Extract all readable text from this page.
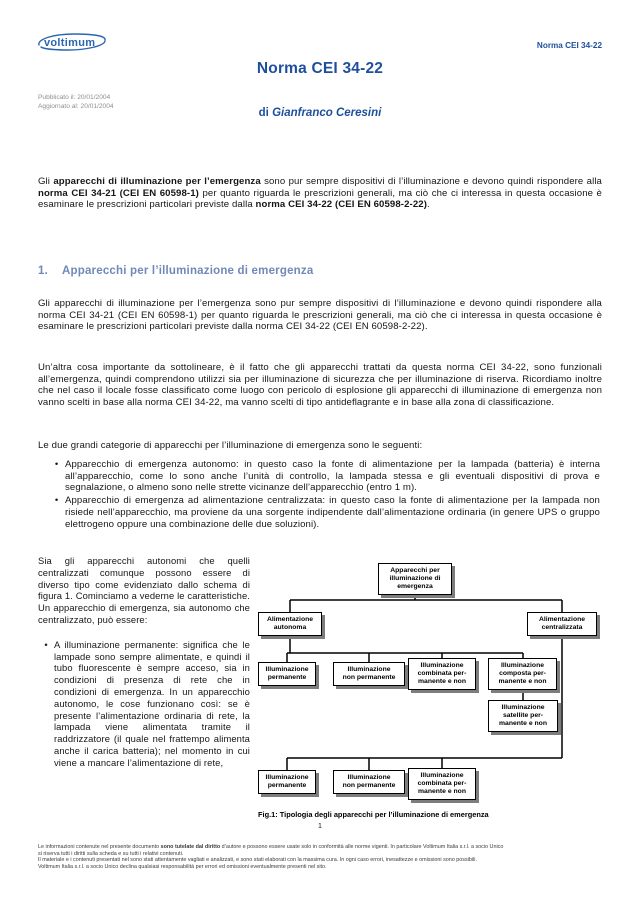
voltimum	Norma CEI 34-22
Norma CEI 34-22
Pubblicato il: 20/01/2004
Aggiornato al: 20/01/2004
di Gianfranco Ceresini
Gli apparecchi di illuminazione per l’emergenza sono pur sempre dispositivi di l’illuminazione e devono quindi rispondere alla norma CEI 34-21 (CEI EN 60598-1) per quanto riguarda le prescrizioni generali, ma ciò che ci interessa in questa occasione è esaminare le prescrizioni particolari previste dalla norma CEI 34-22 (CEI EN 60598-2-22).
1. Apparecchi per l’illuminazione di emergenza
Gli apparecchi di illuminazione per l’emergenza sono pur sempre dispositivi di l’illuminazione e devono quindi rispondere alla norma CEI 34-21 (CEI EN 60598-1) per quanto riguarda le prescrizioni generali, ma ciò che ci interessa in questa occasione è esaminare le prescrizioni particolari previste dalla norma CEI 34-22 (CEI EN 60598-2-22).
Un’altra cosa importante da sottolineare, è il fatto che gli apparecchi trattati da questa norma CEI 34-22, sono funzionali all’emergenza, quindi comprendono utilizzi sia per illuminazione di sicurezza che per illuminazione di riserva. Ricordiamo inoltre che nel caso il locale fosse classificato come luogo con pericolo di esplosione gli apparecchi di illuminazione di emergenza non vanno scelti in base alla norma CEI 34-22, ma vanno scelti di tipo antideflagrante e in base alla zona di classificazione.
Le due grandi categorie di apparecchi per l’illuminazione di emergenza sono le seguenti:
• Apparecchio di emergenza autonomo: in questo caso la fonte di alimentazione per la lampada (batteria) è interna all’apparecchio, come lo sono anche l’unità di controllo, la lampada stessa e gli eventuali dispositivi di prova e segnalazione, o almeno sono nelle strette vicinanze dell’apparecchio (entro 1 m).
• Apparecchio di emergenza ad alimentazione centralizzata: in questo caso la fonte di alimentazione per la lampada non risiede nell’apparecchio, ma proviene da una sorgente indipendente dall’alimentazione ordinaria (in genere UPS o gruppo elettrogeno oppure una combinazione delle due soluzioni).
Sia gli apparecchi autonomi che quelli centralizzati comunque possono essere di diverso tipo come evidenziato dallo schema di figura 1. Cominciamo a vederne le caratteristiche. Un apparecchio di emergenza, sia autonomo che centralizzato, può essere:
• A illuminazione permanente: significa che le lampade sono sempre alimentate, e quindi il tubo fluorescente è sempre acceso, sia in condizioni di presenza di rete che in condizioni di emergenza. In un apparecchio autonomo, le cose funzionano così: se è presente l’alimentazione ordinaria di rete, la lampada viene alimentata tramite il raddrizzatore (il quale nel frattempo alimenta anche il carica batteria); nel momento in cui viene a mancare l’alimentazione di rete,
Apparecchi per
illuminazione di
emergenza
Alimentazione
autonoma
Alimentazione
centralizzata
Illuminazione
permanente
Illuminazione
non permanente
Illuminazione
combinata per-
manente e non
Illuminazione
composta per-
manente e non
Illuminazione
satellite per-
manente e non
Illuminazione
permanente
Illuminazione
non permanente
Illuminazione
combinata per-
manente e non
Fig.1: Tipologia degli apparecchi per l’illuminazione di emergenza
1
Le informazioni contenute nel presente documento sono tutelate dal diritto d’autore e possono essere usate solo in conformità alle norme vigenti. In particolare Voltimum Italia s.r.l. a socio Unico
si riserva tutti i diritti sulla scheda e su tutti i relativi contenuti.
Il materiale e i contenuti presentati nel sono stati attentamente vagliati e analizzati, e sono stati elaborati con la massima cura. In ogni caso errori, inesattezze e omissioni sono possibili.
Voltimum Italia s.r.l. a socio Unico declina qualsiasi responsabilità per errori ed omissioni eventualmente presenti nel sito.
